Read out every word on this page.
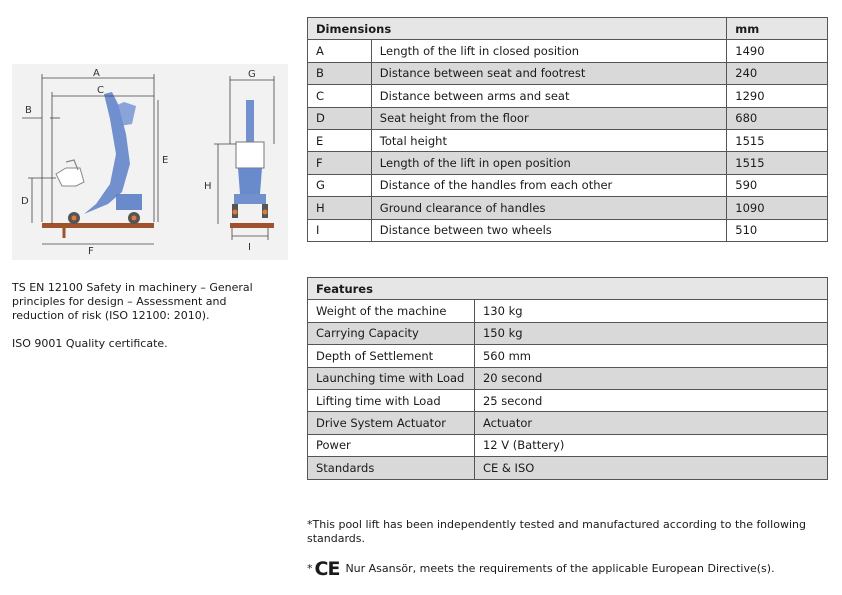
A
B
C
D
E
F
G
H
I

TS EN 12100 Safety in machinery – General principles for design – Assessment and reduction of risk (ISO 12100: 2010).

ISO 9001 Quality certificate.

Dimensions		mm
A	Length of the lift in closed position	1490
B	Distance between seat and footrest	240
C	Distance between arms and seat	1290
D	Seat height from the floor	680
E	Total height	1515
F	Length of the lift in open position	1515
G	Distance of the handles from each other	590
H	Ground clearance of handles	1090
I	Distance between two wheels	510
Features	
Weight of the machine	130 kg
Carrying Capacity	150 kg
Depth of Settlement	560 mm
Launching time with Load	20 second
Lifting time with Load	25 second
Drive System Actuator	Actuator
Power	12 V (Battery)
Standards	CE & ISO
*This pool lift has been independently tested and manufactured according to the following standards.
* CE Nur Asansör, meets the requirements of the applicable European Directive(s).
